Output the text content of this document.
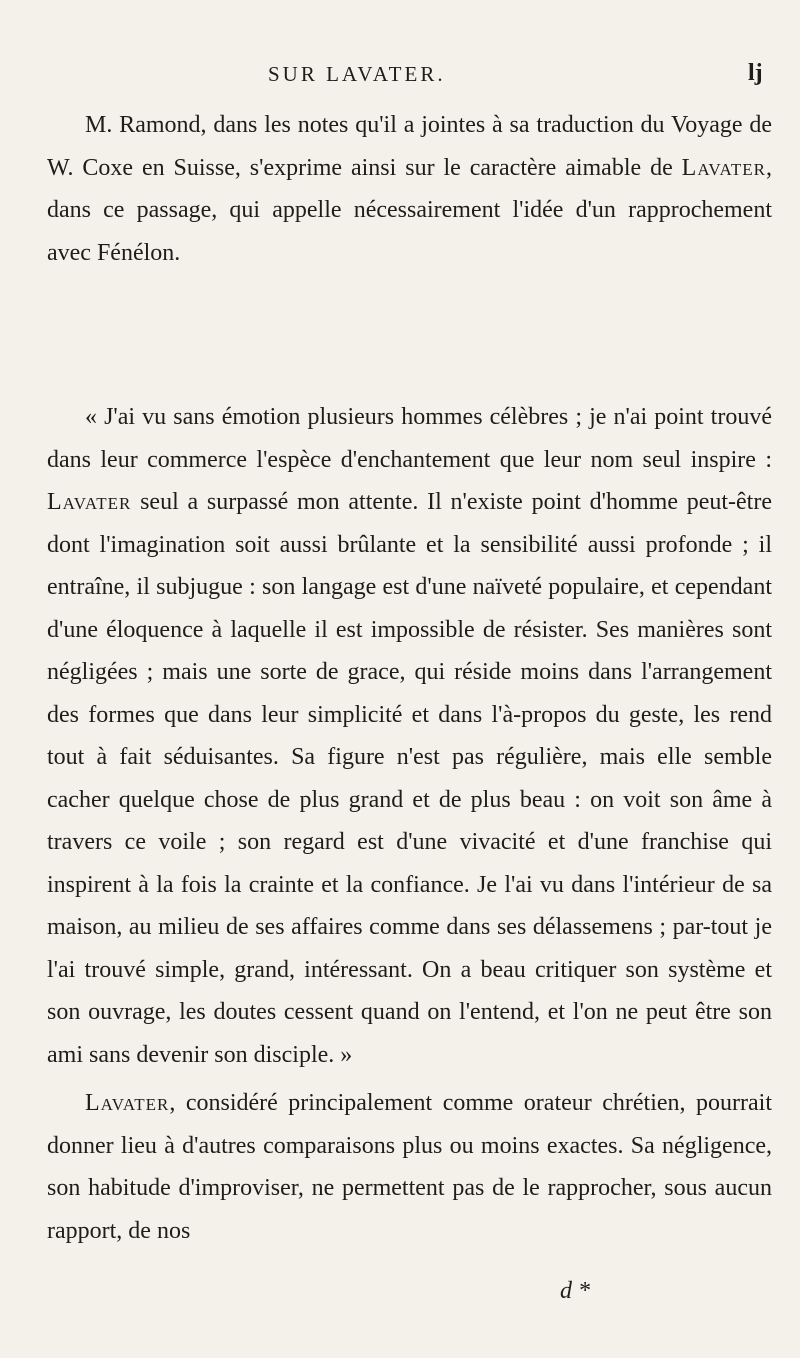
SUR LAVATER.	lj

M. Ramond, dans les notes qu'il a jointes à sa traduction du Voyage de W. Coxe en Suisse, s'exprime ainsi sur le caractère aimable de Lavater, dans ce passage, qui appelle nécessairement l'idée d'un rapprochement avec Fénélon.

« J'ai vu sans émotion plusieurs hommes célèbres ; je n'ai point trouvé dans leur commerce l'espèce d'enchantement que leur nom seul inspire : Lavater seul a surpassé mon attente. Il n'existe point d'homme peut-être dont l'imagination soit aussi brûlante et la sensibilité aussi profonde ; il entraîne, il subjugue : son langage est d'une naïveté populaire, et cependant d'une éloquence à laquelle il est impossible de résister. Ses manières sont négligées ; mais une sorte de grace, qui réside moins dans l'arrangement des formes que dans leur simplicité et dans l'à-propos du geste, les rend tout à fait séduisantes. Sa figure n'est pas régulière, mais elle semble cacher quelque chose de plus grand et de plus beau : on voit son âme à travers ce voile ; son regard est d'une vivacité et d'une franchise qui inspirent à la fois la crainte et la confiance. Je l'ai vu dans l'intérieur de sa maison, au milieu de ses affaires comme dans ses délassemens ; par-tout je l'ai trouvé simple, grand, intéressant. On a beau critiquer son système et son ouvrage, les doutes cessent quand on l'entend, et l'on ne peut être son ami sans devenir son disciple. »

Lavater, considéré principalement comme orateur chrétien, pourrait donner lieu à d'autres comparaisons plus ou moins exactes. Sa négligence, son habitude d'improviser, ne permettent pas de le rapprocher, sous aucun rapport, de nos

d *
